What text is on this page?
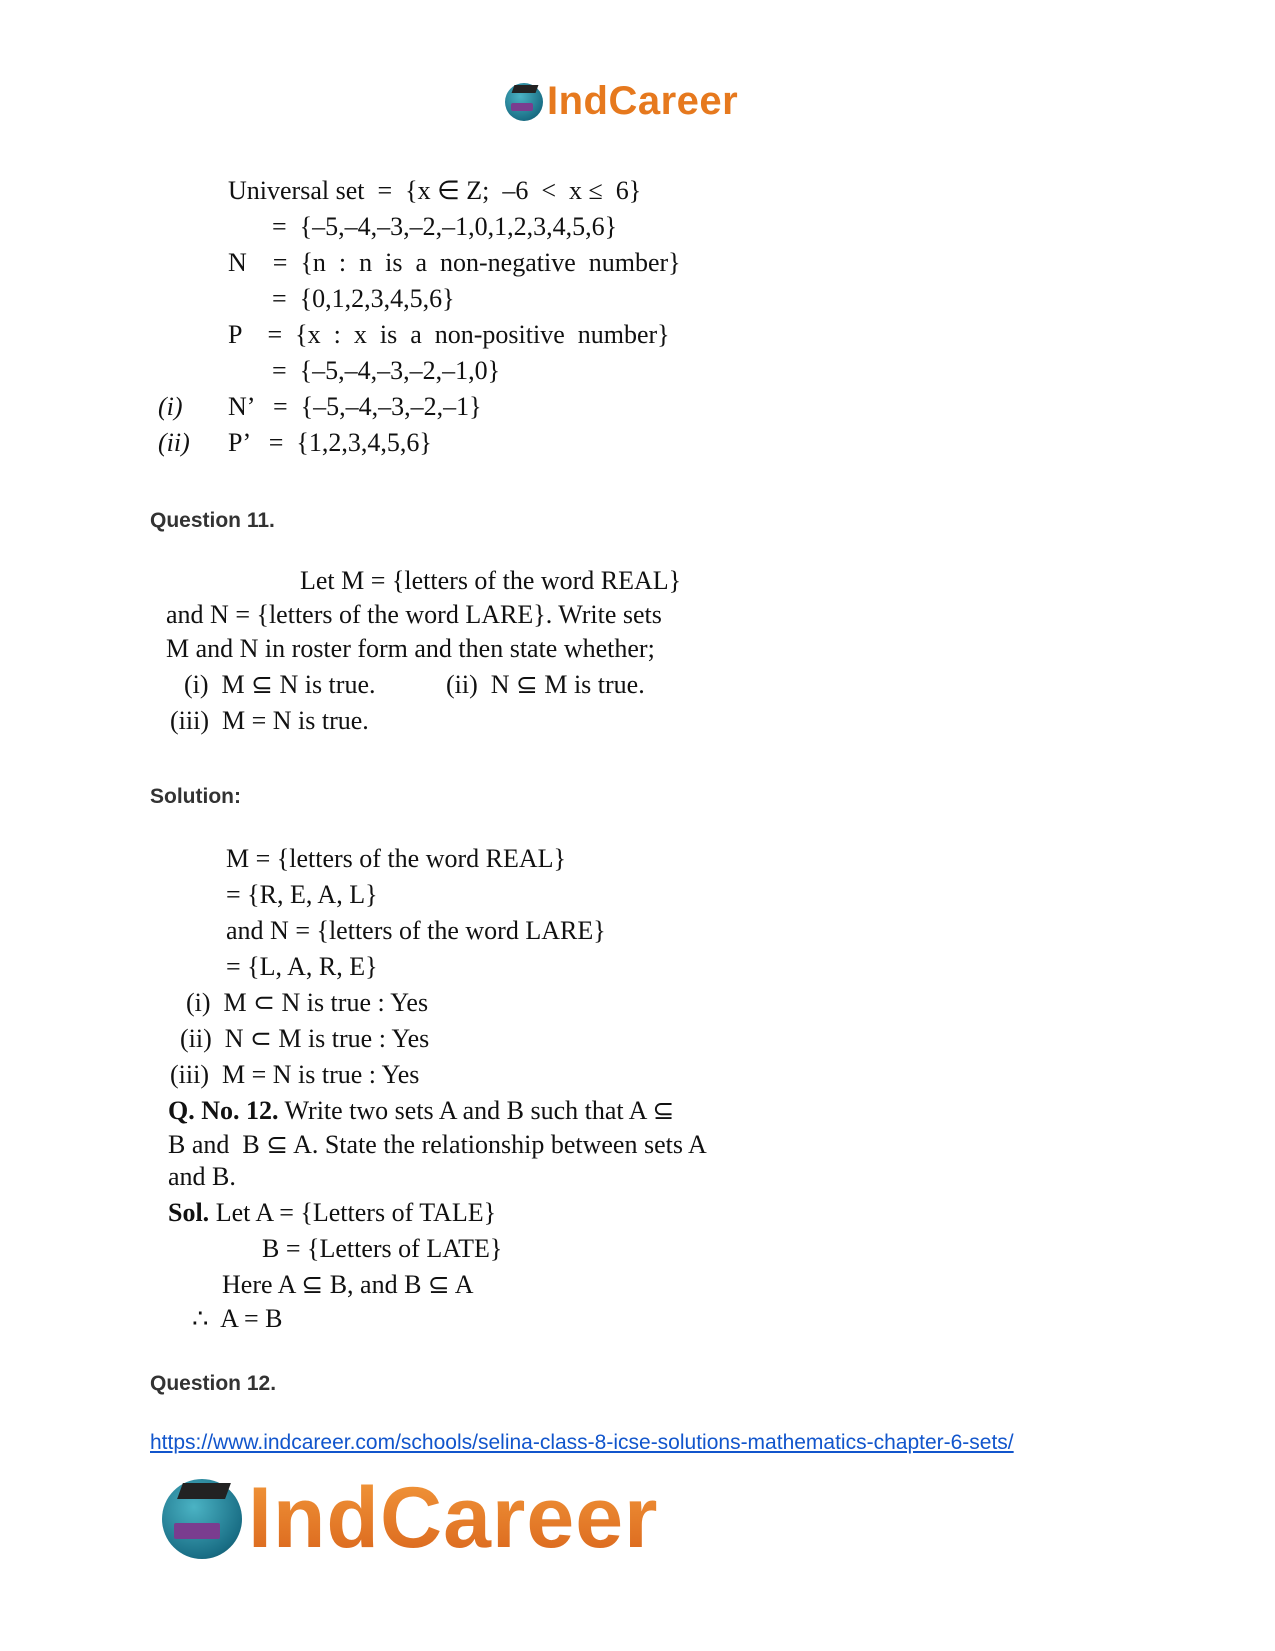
IndCareer
Universal set  =  {x ∈ Z;  –6  <  x ≤  6}
=  {–5,–4,–3,–2,–1,0,1,2,3,4,5,6}
N    =  {n  :  n  is  a  non-negative  number}
=  {0,1,2,3,4,5,6}
P    =  {x  :  x  is  a  non-positive  number}
=  {–5,–4,–3,–2,–1,0}
(i) N’   =  {–5,–4,–3,–2,–1}
(ii) P’   =  {1,2,3,4,5,6}
Question 11.
Let M = {letters of the word REAL}
and N = {letters of the word LARE}. Write sets
M and N in roster form and then state whether;
(i)  M ⊆ N is true.	(ii)  N ⊆ M is true.
(iii)  M = N is true.
Solution:
M = {letters of the word REAL}
= {R, E, A, L}
and N = {letters of the word LARE}
= {L, A, R, E}
(i)  M ⊂ N is true : Yes
(ii)  N ⊂ M is true : Yes
(iii)  M = N is true : Yes
Q. No. 12. Write two sets A and B such that A ⊆
B and  B ⊆ A. State the relationship between sets A
and B.
Sol. Let A = {Letters of TALE}
B = {Letters of LATE}
Here A ⊆ B, and B ⊆ A
∴  A = B
Question 12.
https://www.indcareer.com/schools/selina-class-8-icse-solutions-mathematics-chapter-6-sets/
IndCareer
